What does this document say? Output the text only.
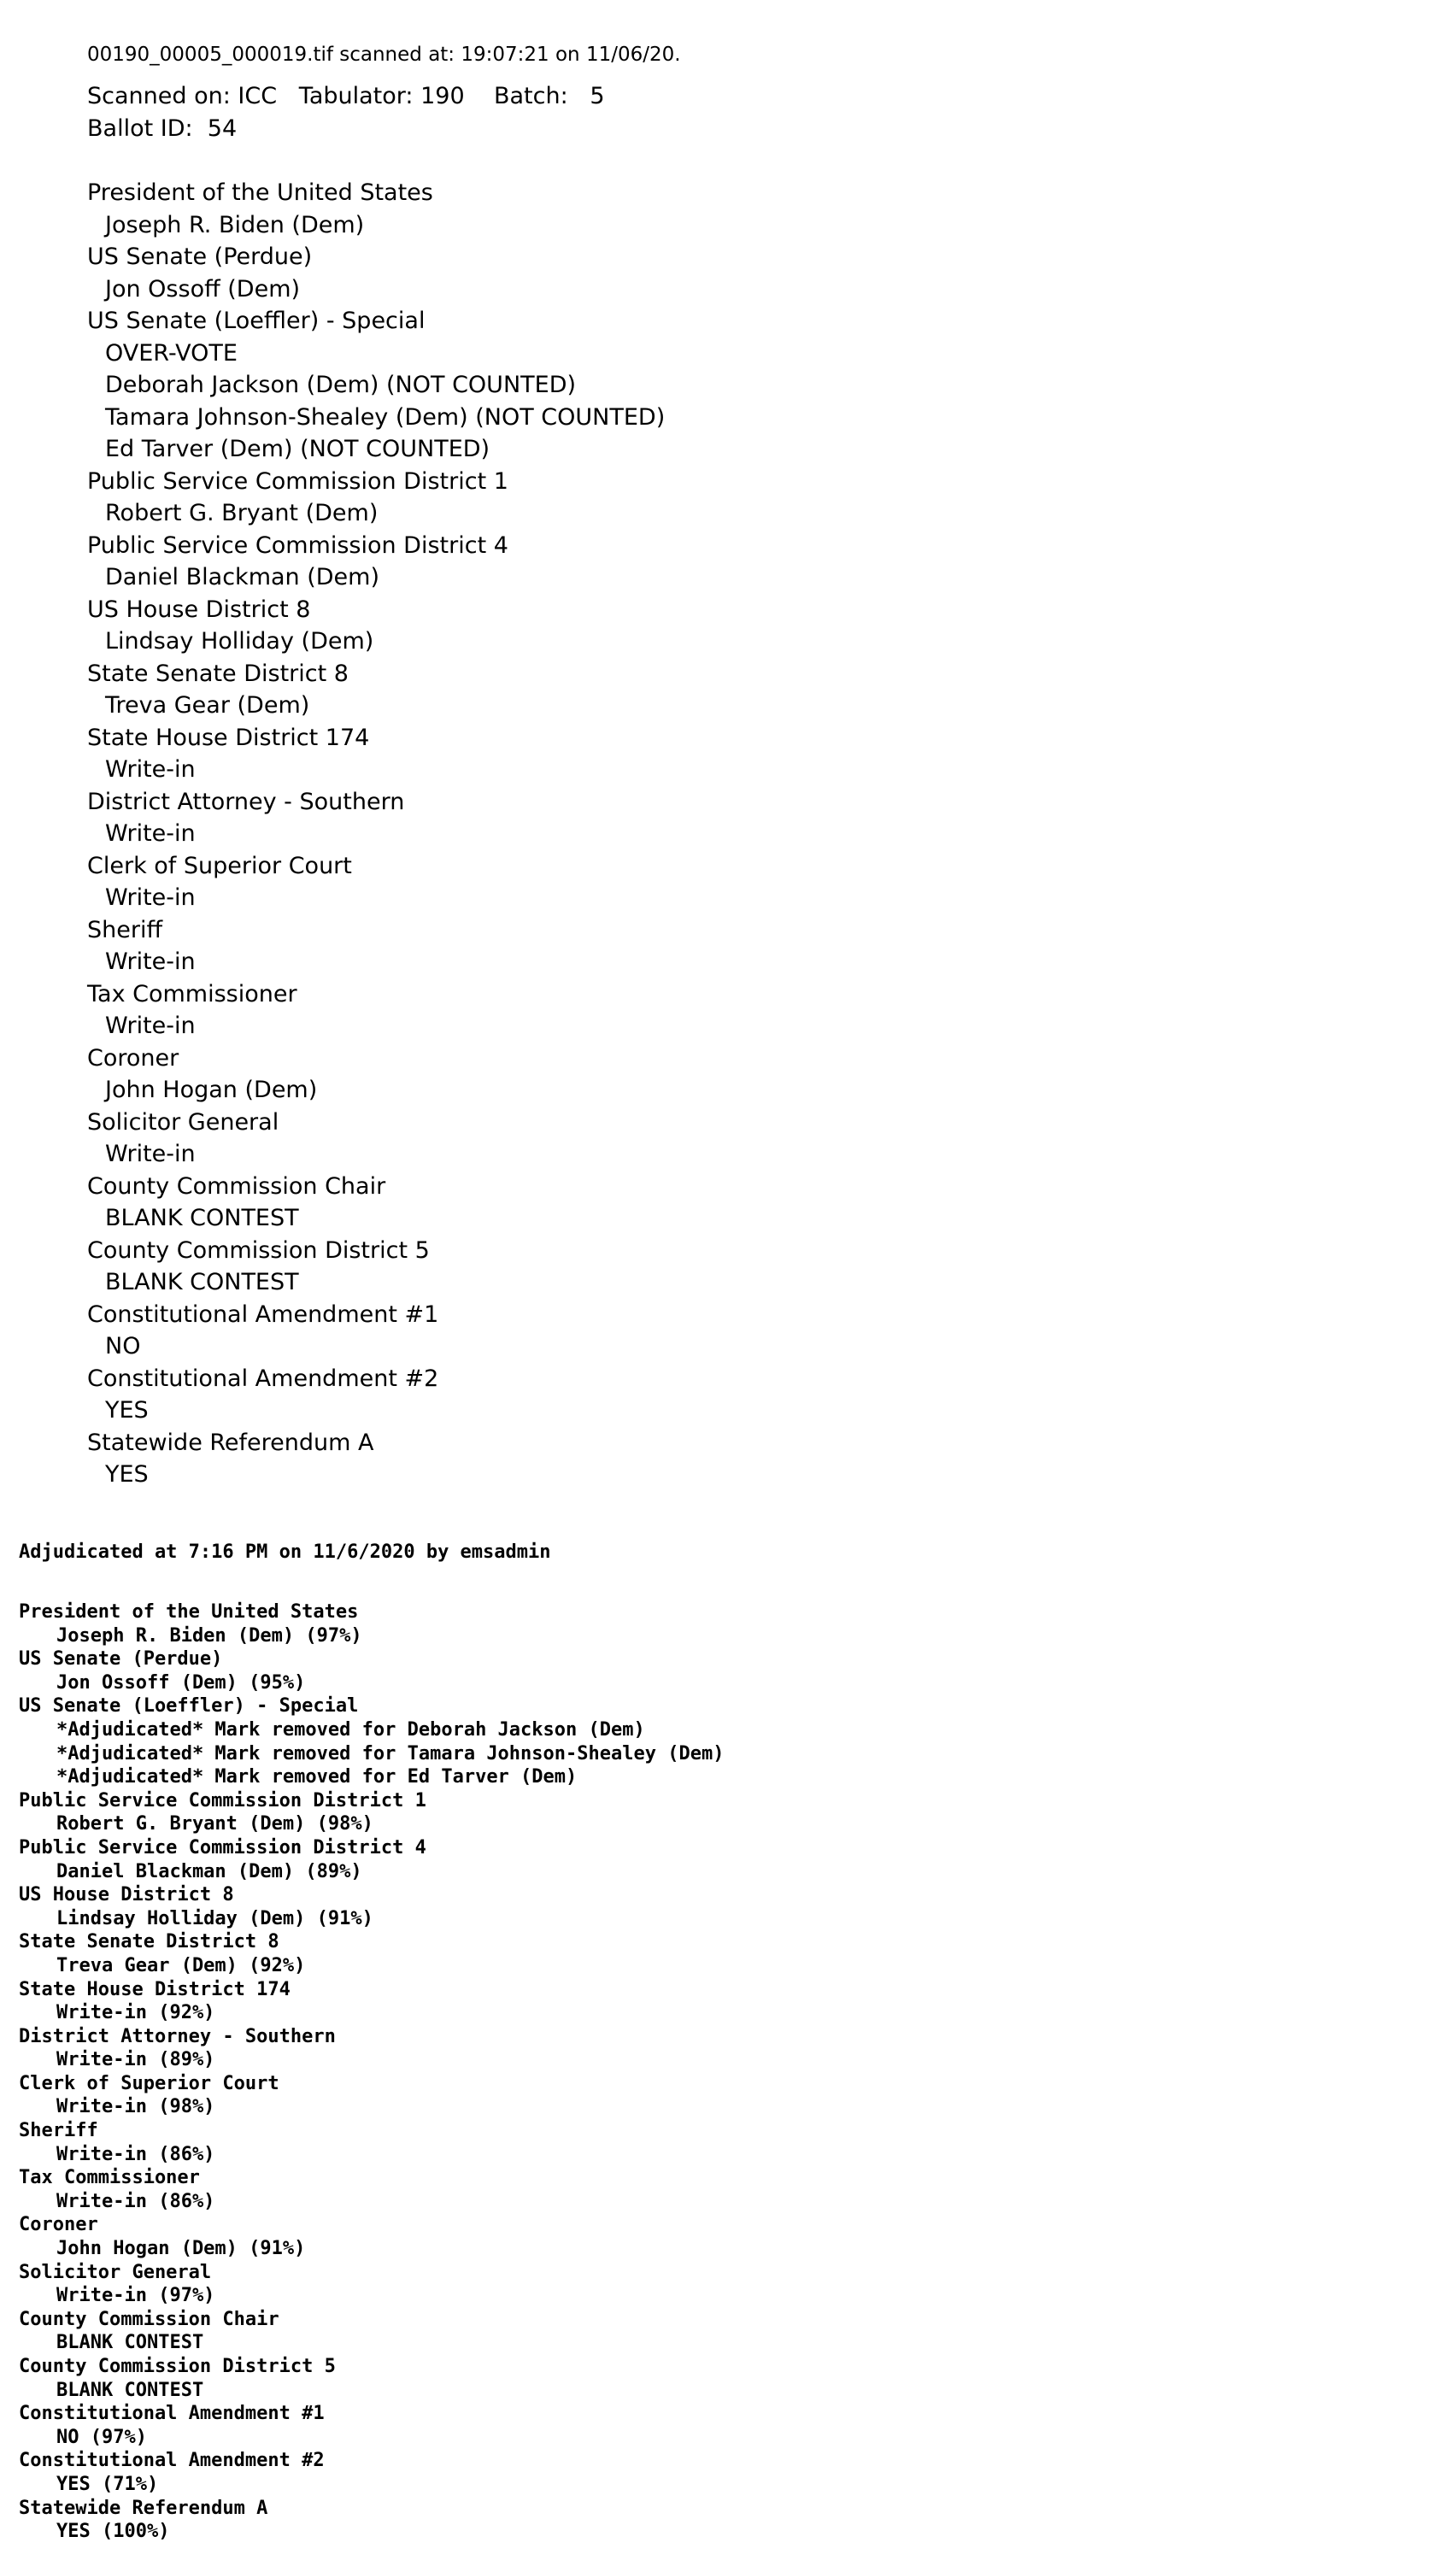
00190_00005_000019.tif scanned at: 19:07:21 on 11/06/20.
Scanned on: ICC   Tabulator: 190    Batch:   5
Ballot ID:  54
President of the United States
Joseph R. Biden (Dem)
US Senate (Perdue)
Jon Ossoff (Dem)
US Senate (Loeffler) - Special
OVER-VOTE
Deborah Jackson (Dem) (NOT COUNTED)
Tamara Johnson-Shealey (Dem) (NOT COUNTED)
Ed Tarver (Dem) (NOT COUNTED)
Public Service Commission District 1
Robert G. Bryant (Dem)
Public Service Commission District 4
Daniel Blackman (Dem)
US House District 8
Lindsay Holliday (Dem)
State Senate District 8
Treva Gear (Dem)
State House District 174
Write-in
District Attorney - Southern
Write-in
Clerk of Superior Court
Write-in
Sheriff
Write-in
Tax Commissioner
Write-in
Coroner
John Hogan (Dem)
Solicitor General
Write-in
County Commission Chair
BLANK CONTEST
County Commission District 5
BLANK CONTEST
Constitutional Amendment #1
NO
Constitutional Amendment #2
YES
Statewide Referendum A
YES
Adjudicated at 7:16 PM on 11/6/2020 by emsadmin
President of the United States
Joseph R. Biden (Dem) (97%)
US Senate (Perdue)
Jon Ossoff (Dem) (95%)
US Senate (Loeffler) - Special
*Adjudicated* Mark removed for Deborah Jackson (Dem)
*Adjudicated* Mark removed for Tamara Johnson-Shealey (Dem)
*Adjudicated* Mark removed for Ed Tarver (Dem)
Public Service Commission District 1
Robert G. Bryant (Dem) (98%)
Public Service Commission District 4
Daniel Blackman (Dem) (89%)
US House District 8
Lindsay Holliday (Dem) (91%)
State Senate District 8
Treva Gear (Dem) (92%)
State House District 174
Write-in (92%)
District Attorney - Southern
Write-in (89%)
Clerk of Superior Court
Write-in (98%)
Sheriff
Write-in (86%)
Tax Commissioner
Write-in (86%)
Coroner
John Hogan (Dem) (91%)
Solicitor General
Write-in (97%)
County Commission Chair
BLANK CONTEST
County Commission District 5
BLANK CONTEST
Constitutional Amendment #1
NO (97%)
Constitutional Amendment #2
YES (71%)
Statewide Referendum A
YES (100%)
